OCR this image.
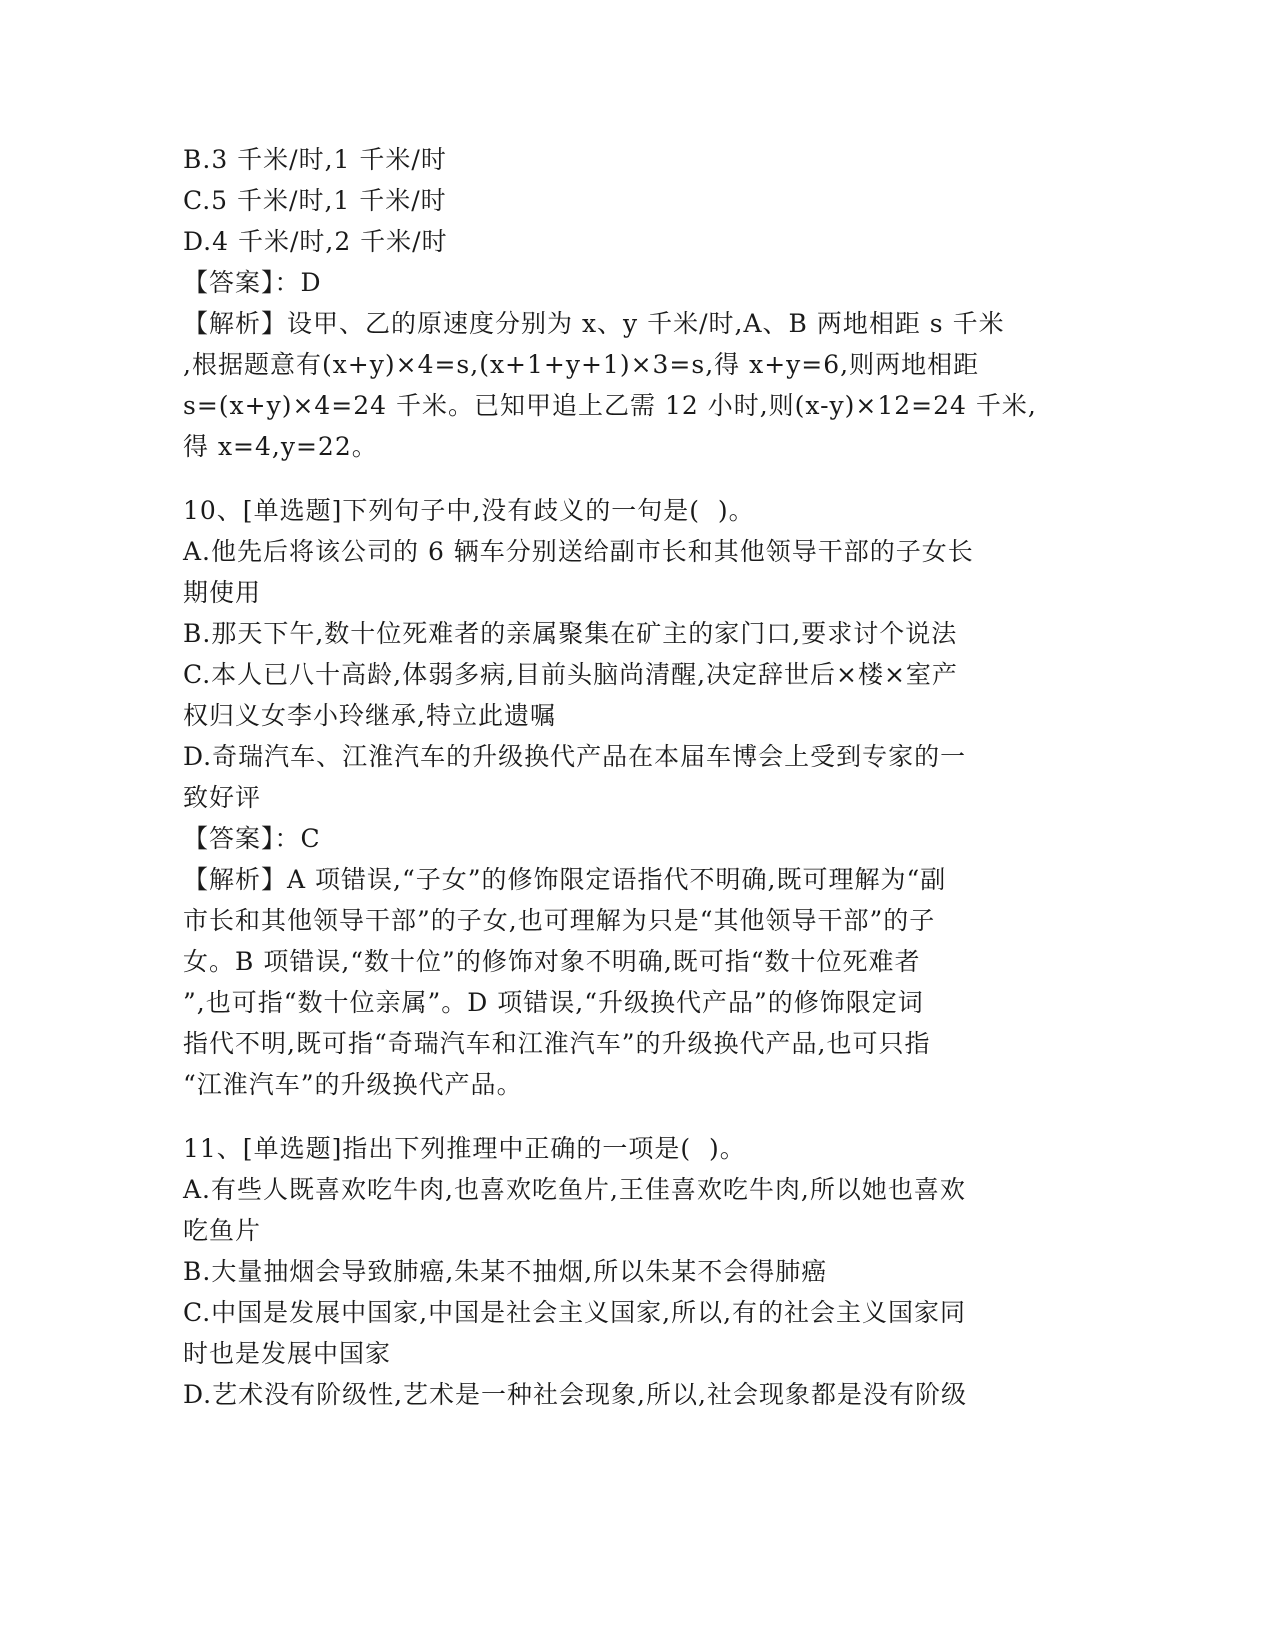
B.3 千米/时,1 千米/时
C.5 千米/时,1 千米/时
D.4 千米/时,2 千米/时
【答案】：D
【解析】设甲、乙的原速度分别为 x、y 千米/时,A、B 两地相距 s 千米
,根据题意有(x+y)×4=s,(x+1+y+1)×3=s,得 x+y=6,则两地相距
s=(x+y)×4=24 千米。已知甲追上乙需 12 小时,则(x-y)×12=24 千米,
得 x=4,y=22。
10、[单选题]下列句子中,没有歧义的一句是(  )。
A.他先后将该公司的 6 辆车分别送给副市长和其他领导干部的子女长
期使用
B.那天下午,数十位死难者的亲属聚集在矿主的家门口,要求讨个说法
C.本人已八十高龄,体弱多病,目前头脑尚清醒,决定辞世后×楼×室产
权归义女李小玲继承,特立此遗嘱
D.奇瑞汽车、江淮汽车的升级换代产品在本届车博会上受到专家的一
致好评
【答案】：C
【解析】A 项错误,“子女”的修饰限定语指代不明确,既可理解为“副
市长和其他领导干部”的子女,也可理解为只是“其他领导干部”的子
女。B 项错误,“数十位”的修饰对象不明确,既可指“数十位死难者
”,也可指“数十位亲属”。D 项错误,“升级换代产品”的修饰限定词
指代不明,既可指“奇瑞汽车和江淮汽车”的升级换代产品,也可只指
“江淮汽车”的升级换代产品。
11、[单选题]指出下列推理中正确的一项是(  )。
A.有些人既喜欢吃牛肉,也喜欢吃鱼片,王佳喜欢吃牛肉,所以她也喜欢
吃鱼片
B.大量抽烟会导致肺癌,朱某不抽烟,所以朱某不会得肺癌
C.中国是发展中国家,中国是社会主义国家,所以,有的社会主义国家同
时也是发展中国家
D.艺术没有阶级性,艺术是一种社会现象,所以,社会现象都是没有阶级
